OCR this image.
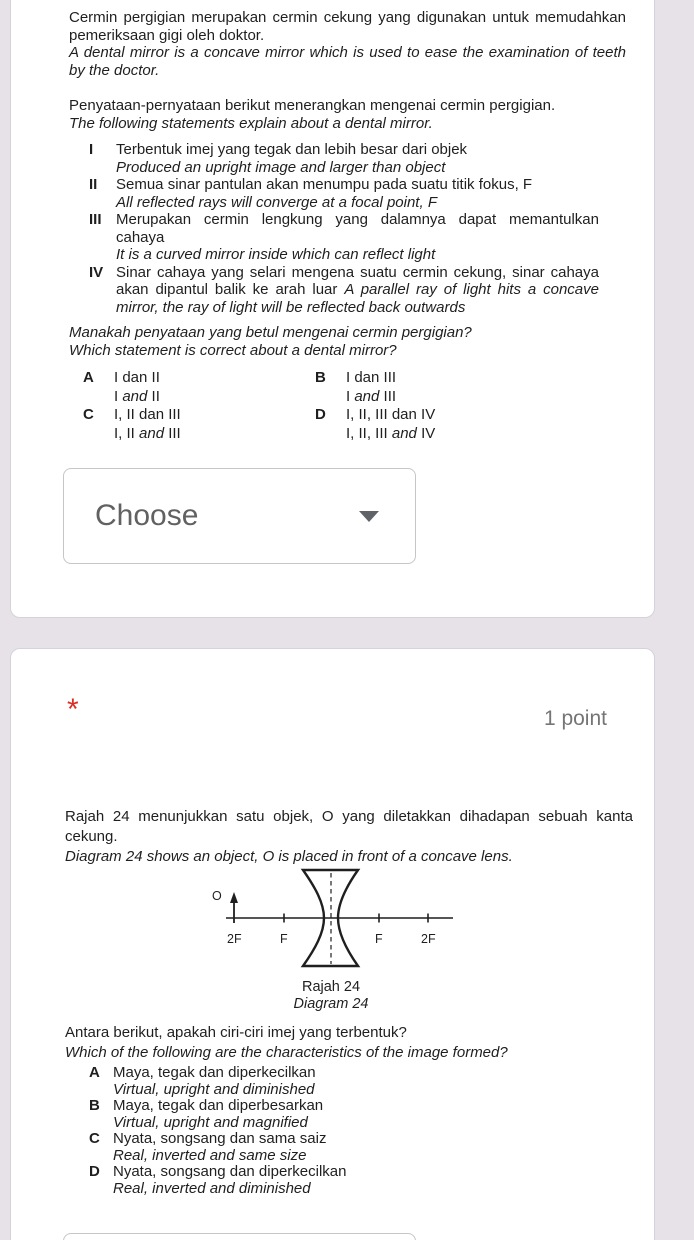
Cermin pergigian merupakan cermin cekung yang digunakan untuk memudahkan pemeriksaan gigi oleh doktor.

A dental mirror is a concave mirror which is used to ease the examination of teeth by the doctor.

Penyataan-pernyataan berikut menerangkan mengenai cermin pergigian.

The following statements explain about a dental mirror.

I	Terbentuk imej yang tegak dan lebih besar dari objek
Produced an upright image and larger than object
II	Semua sinar pantulan akan menumpu pada suatu titik fokus, F
All reflected rays will converge at a focal point, F
III Merupakan cermin lengkung yang dalamnya dapat memantulkan cahaya
It is a curved mirror inside which can reflect light
IV Sinar cahaya yang selari mengena suatu cermin cekung, sinar cahaya akan dipantul balik ke arah luar A parallel ray of light hits a concave mirror, the ray of light will be reflected back outwards

Manakah penyataan yang betul mengenai cermin pergigian?

Which statement is correct about a dental mirror?

A	I dan II
I and II
B	I dan III
I and III
C	I, II dan III
I, II and III
D	I, II, III dan IV
I, II, III and IV
Choose
*	1 point

Rajah 24 menunjukkan satu objek, O yang diletakkan dihadapan sebuah kanta cekung.

Diagram 24 shows an object, O is placed in front of a concave lens.

O
2F	F	F	2F
Rajah 24
Diagram 24

Antara berikut, apakah ciri-ciri imej yang terbentuk?

Which of the following are the characteristics of the image formed?

A Maya, tegak dan diperkecilkan
Virtual, upright and diminished
B Maya, tegak dan diperbesarkan
Virtual, upright and magnified
C Nyata, songsang dan sama saiz
Real, inverted and same size
D Nyata, songsang dan diperkecilkan
Real, inverted and diminished
